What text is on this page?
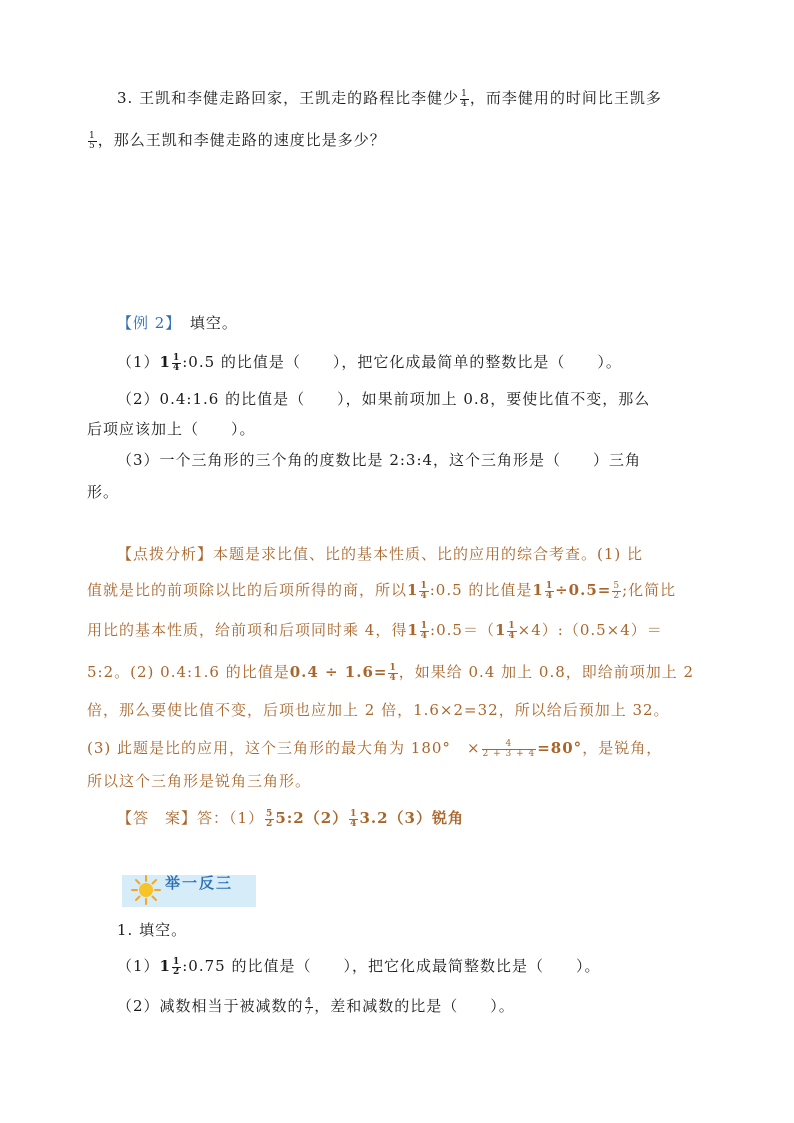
3. 王凯和李健走路回家，王凯走的路程比李健少 $\frac{1}{4}$ ，而李健用的时间比王凯多
$\frac{1}{5}$ ，那么王凯和李健走路的速度比是多少？
【例 2】　 填空。
$(1)1 \frac{1}{4}$ :0.5 的比值是（　　），把它化成最简单的整数比是（　　）。
（2）0.4:1.6 的比值是（　　），如果前项加上 0.8，要使比值不变，那么
后项应该加上（　　）。
（3）一个三角形的三个角的度数比是 2:3:4，这个三角形是（　　）三角
形。
【点拨分析】本题是求比值、比的基本性质、比的应用的综合考查。(1) 比
值就是比的前项除以比的后项所得的商，所以$1 \frac{1}{4}$ :0.5 的比值是$1 \frac{1}{4} \div 0.5= \frac{5}{2}$ ;化简比
用比的基本性质，给前项和后项同时乘 4，得$1 \frac{1}{4}$ :0.5＝（1 $\frac{1}{4}$ ×4）:（0.5×4）＝
5:2。(2) 0.4:1.6 的比值是$0.4 \div 1.6= \frac{1}{4}$ ，如果给 0.4 加上 0.8，即给前项加上 2
倍，那么要使比值不变，后项也应加上 2 倍，1.6×2=32，所以给后预加上 32。
(3) 此题是比的应用，这个三角形的最大角为 180°　 × $\frac{4}{2 + 3 + 4} =80^\circ$，是锐角，
所以这个三角形是锐角三角形。
【答　案】答：$(1) \frac{5}{2}$ 5:2（2） $\frac{1}{4} 3.2(3)$锐角
举一反三
1. 填空。
$(1)1 \frac{1}{2}$ :0.75 的比值是（　　），把它化成最简整数比是（　　）。
（2）减数相当于被减数的 $\frac{4}{7}$ ，差和减数的比是（　　）。
